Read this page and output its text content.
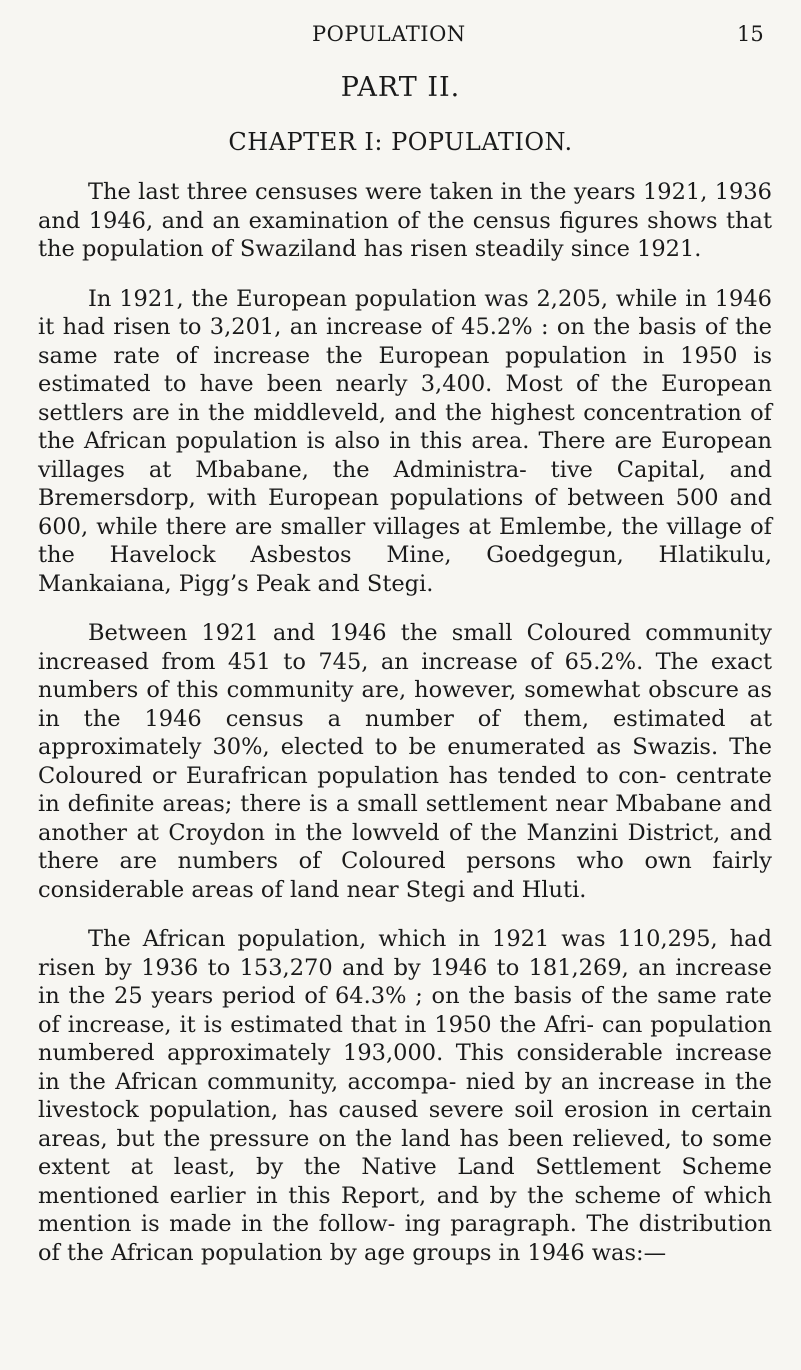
POPULATION	15
PART II.
CHAPTER I: POPULATION.

The last three censuses were taken in the years 1921, 1936 and 1946, and an examination of the census figures shows that the population of Swaziland has risen steadily since 1921.

In 1921, the European population was 2,205, while in 1946 it had risen to 3,201, an increase of 45.2% : on the basis of the same rate of increase the European population in 1950 is estimated to have been nearly 3,400. Most of the European settlers are in the middleveld, and the highest concentration of the African population is also in this area. There are European villages at Mbabane, the Administra- tive Capital, and Bremersdorp, with European populations of between 500 and 600, while there are smaller villages at Emlembe, the village of the Havelock Asbestos Mine, Goedgegun, Hlatikulu, Mankaiana, Pigg’s Peak and Stegi.

Between 1921 and 1946 the small Coloured community increased from 451 to 745, an increase of 65.2%. The exact numbers of this community are, however, somewhat obscure as in the 1946 census a number of them, estimated at approximately 30%, elected to be enumerated as Swazis. The Coloured or Eurafrican population has tended to con- centrate in definite areas; there is a small settlement near Mbabane and another at Croydon in the lowveld of the Manzini District, and there are numbers of Coloured persons who own fairly considerable areas of land near Stegi and Hluti.

The African population, which in 1921 was 110,295, had risen by 1936 to 153,270 and by 1946 to 181,269, an increase in the 25 years period of 64.3% ; on the basis of the same rate of increase, it is estimated that in 1950 the Afri- can population numbered approximately 193,000. This considerable increase in the African community, accompa- nied by an increase in the livestock population, has caused severe soil erosion in certain areas, but the pressure on the land has been relieved, to some extent at least, by the Native Land Settlement Scheme mentioned earlier in this Report, and by the scheme of which mention is made in the follow- ing paragraph. The distribution of the African population by age groups in 1946 was:—
